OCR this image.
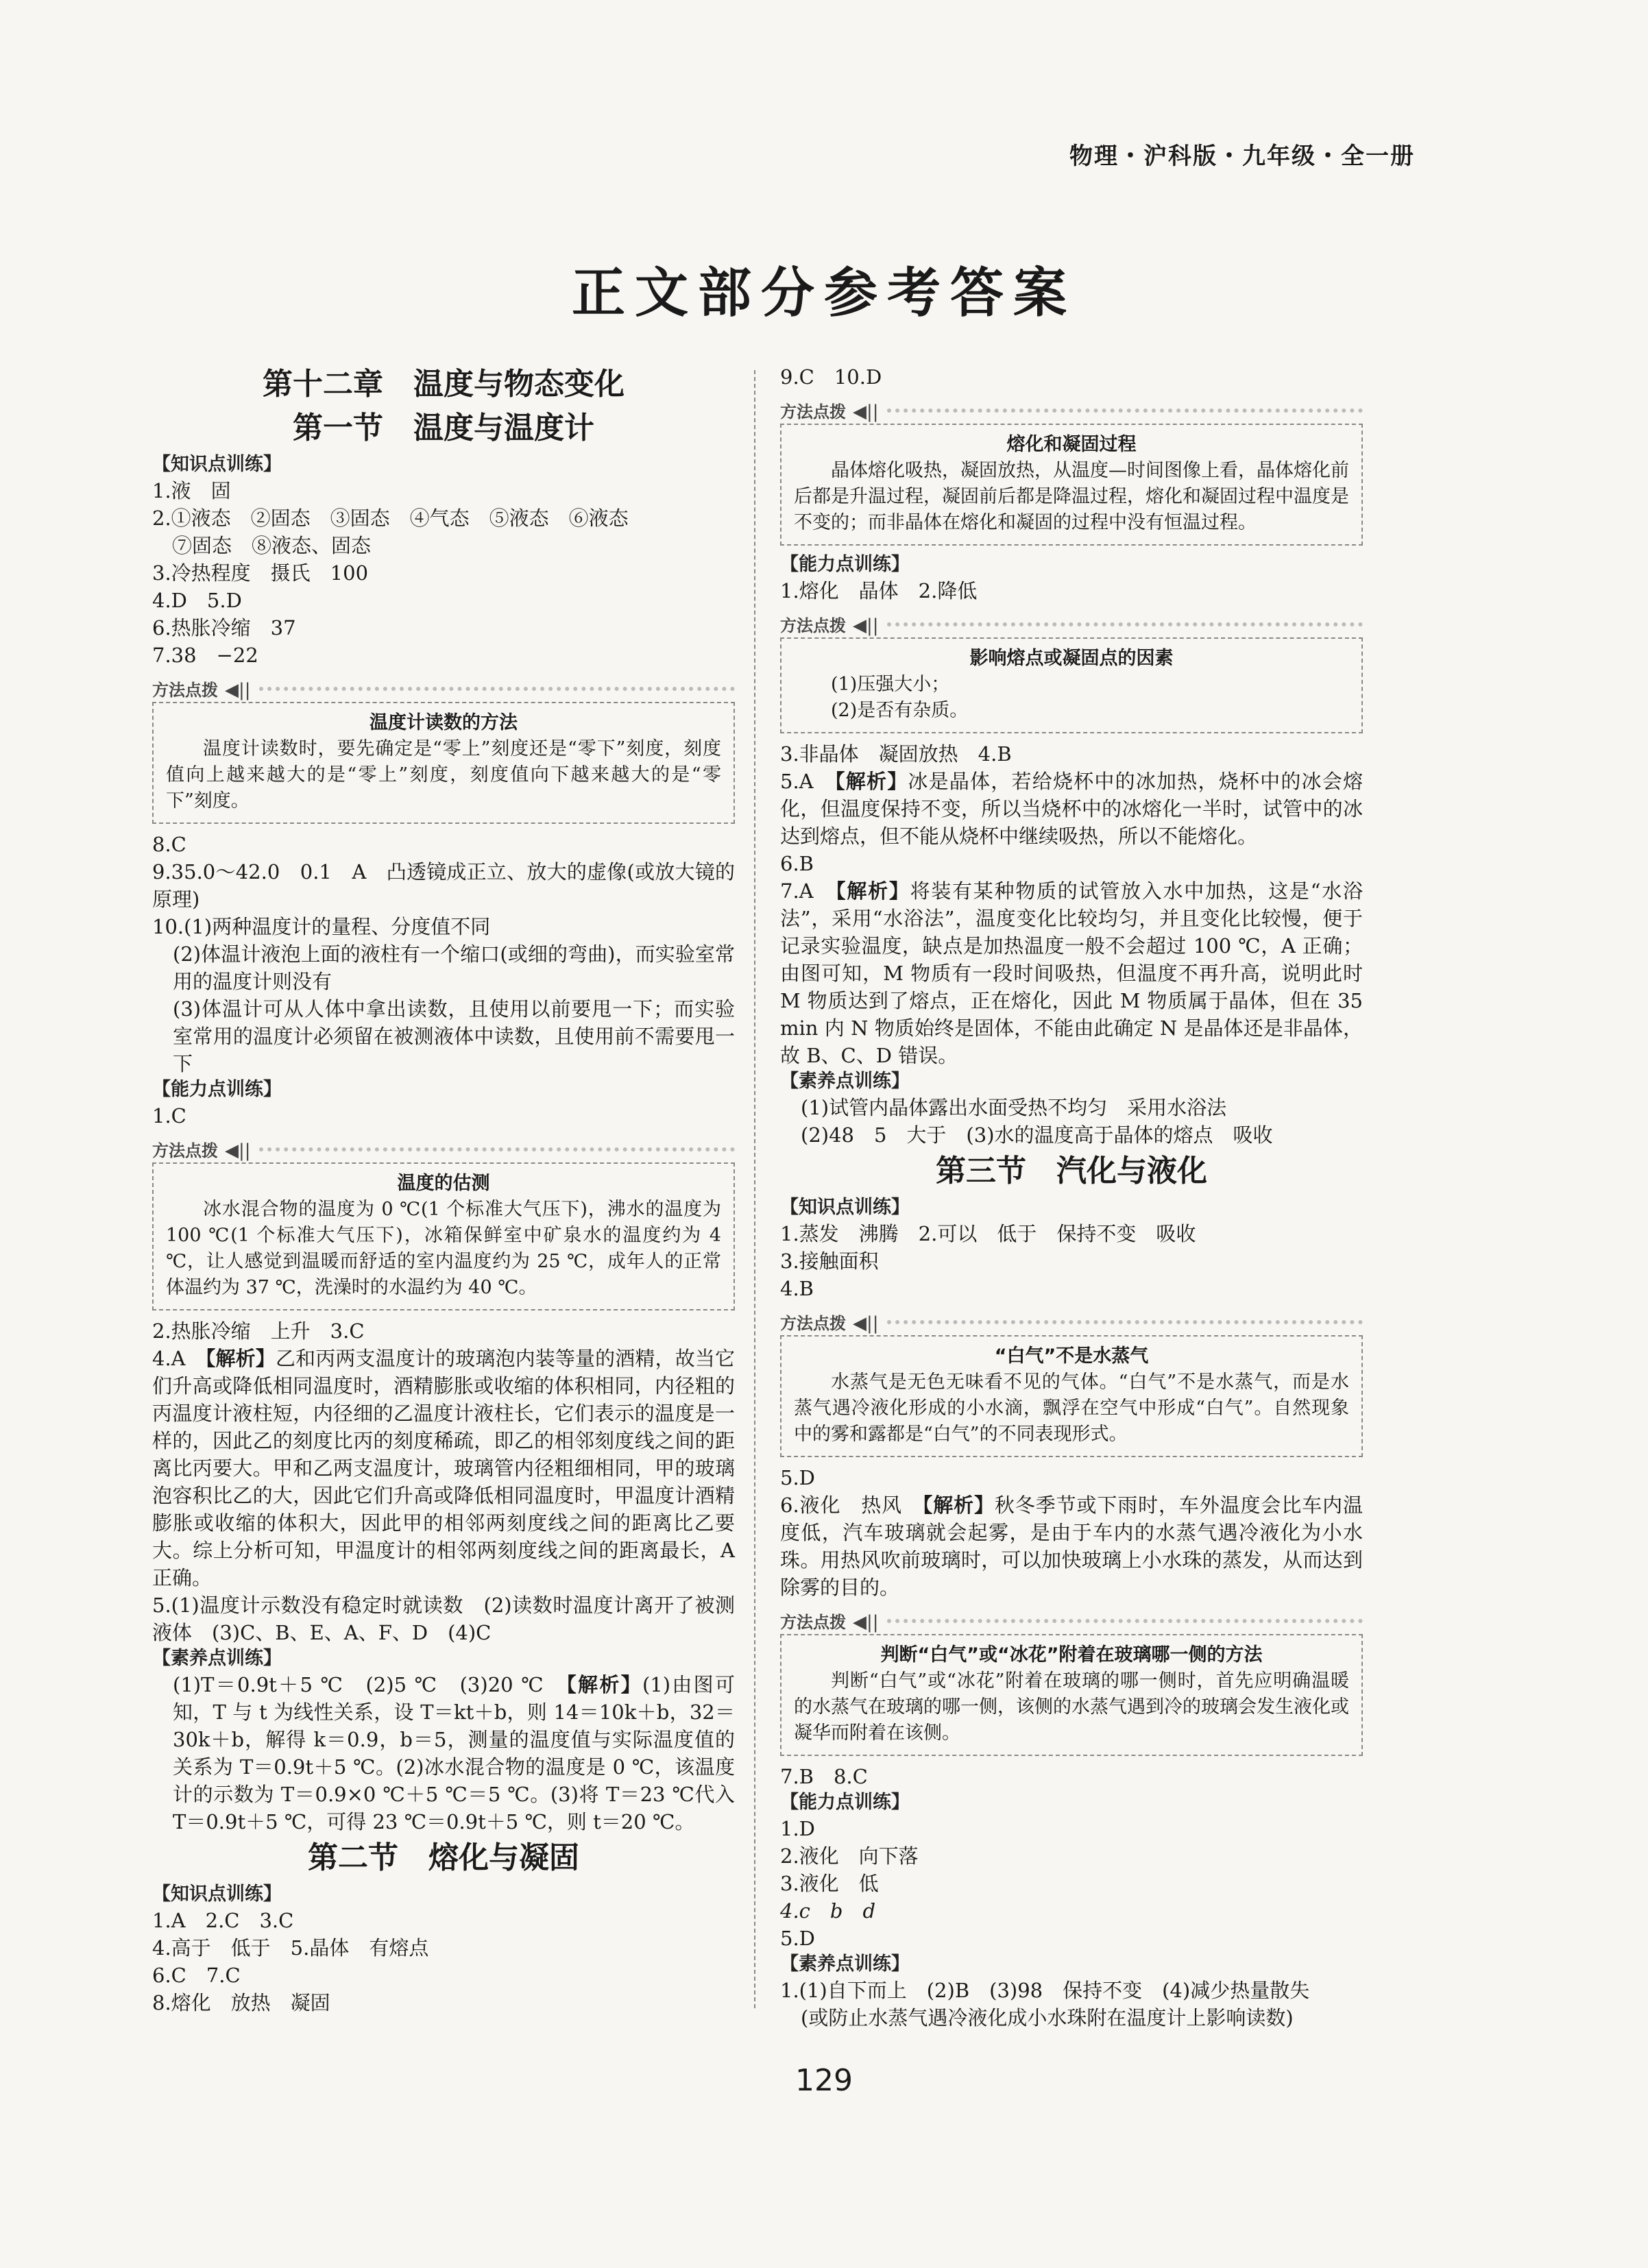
物理・沪科版・九年级・全一册
正文部分参考答案
第十二章　温度与物态变化
第一节　温度与温度计
【知识点训练】
1.液　固
2.①液态　②固态　③固态　④气态　⑤液态　⑥液态
　⑦固态　⑧液态、固态
3.冷热程度　摄氏　100
4.D　5.D
6.热胀冷缩　37
7.38　−22
方法点拨 ◀||
温度计读数的方法
温度计读数时，要先确定是“零上”刻度还是“零下”刻度，刻度值向上越来越大的是“零上”刻度，刻度值向下越来越大的是“零下”刻度。
8.C
9.35.0～42.0　0.1　A　凸透镜成正立、放大的虚像(或放大镜的原理)
10.(1)两种温度计的量程、分度值不同
(2)体温计液泡上面的液柱有一个缩口(或细的弯曲)，而实验室常用的温度计则没有
(3)体温计可从人体中拿出读数，且使用以前要甩一下；而实验室常用的温度计必须留在被测液体中读数，且使用前不需要甩一下
【能力点训练】
1.C
方法点拨 ◀||
温度的估测
冰水混合物的温度为 0 ℃(1 个标准大气压下)，沸水的温度为 100 ℃(1 个标准大气压下)，冰箱保鲜室中矿泉水的温度约为 4 ℃，让人感觉到温暖而舒适的室内温度约为 25 ℃，成年人的正常体温约为 37 ℃，洗澡时的水温约为 40 ℃。
2.热胀冷缩　上升　3.C
4.A　【解析】乙和丙两支温度计的玻璃泡内装等量的酒精，故当它们升高或降低相同温度时，酒精膨胀或收缩的体积相同，内径粗的丙温度计液柱短，内径细的乙温度计液柱长，它们表示的温度是一样的，因此乙的刻度比丙的刻度稀疏，即乙的相邻刻度线之间的距离比丙要大。甲和乙两支温度计，玻璃管内径粗细相同，甲的玻璃泡容积比乙的大，因此它们升高或降低相同温度时，甲温度计酒精膨胀或收缩的体积大，因此甲的相邻两刻度线之间的距离比乙要大。综上分析可知，甲温度计的相邻两刻度线之间的距离最长，A 正确。
5.(1)温度计示数没有稳定时就读数　(2)读数时温度计离开了被测液体　(3)C、B、E、A、F、D　(4)C
【素养点训练】
(1)T＝0.9t＋5 ℃　(2)5 ℃　(3)20 ℃　【解析】(1)由图可知，T 与 t 为线性关系，设 T＝kt＋b，则 14＝10k＋b，32＝30k＋b，解得 k＝0.9，b＝5，测量的温度值与实际温度值的关系为 T＝0.9t＋5 ℃。(2)冰水混合物的温度是 0 ℃，该温度计的示数为 T＝0.9×0 ℃＋5 ℃＝5 ℃。(3)将 T＝23 ℃代入 T＝0.9t＋5 ℃，可得 23 ℃＝0.9t＋5 ℃，则 t＝20 ℃。
第二节　熔化与凝固
【知识点训练】
1.A　2.C　3.C
4.高于　低于　5.晶体　有熔点
6.C　7.C
8.熔化　放热　凝固
9.C　10.D
方法点拨 ◀||
熔化和凝固过程
晶体熔化吸热，凝固放热，从温度—时间图像上看，晶体熔化前后都是升温过程，凝固前后都是降温过程，熔化和凝固过程中温度是不变的；而非晶体在熔化和凝固的过程中没有恒温过程。
【能力点训练】
1.熔化　晶体　2.降低
方法点拨 ◀||
影响熔点或凝固点的因素
(1)压强大小；
(2)是否有杂质。
3.非晶体　凝固放热　4.B
5.A　【解析】冰是晶体，若给烧杯中的冰加热，烧杯中的冰会熔化，但温度保持不变，所以当烧杯中的冰熔化一半时，试管中的冰达到熔点，但不能从烧杯中继续吸热，所以不能熔化。
6.B
7.A　【解析】将装有某种物质的试管放入水中加热，这是“水浴法”，采用“水浴法”，温度变化比较均匀，并且变化比较慢，便于记录实验温度，缺点是加热温度一般不会超过 100 ℃，A 正确；由图可知，M 物质有一段时间吸热，但温度不再升高，说明此时 M 物质达到了熔点，正在熔化，因此 M 物质属于晶体，但在 35 min 内 N 物质始终是固体，不能由此确定 N 是晶体还是非晶体，故 B、C、D 错误。
【素养点训练】
(1)试管内晶体露出水面受热不均匀　采用水浴法
(2)48　5　大于　(3)水的温度高于晶体的熔点　吸收
第三节　汽化与液化
【知识点训练】
1.蒸发　沸腾　2.可以　低于　保持不变　吸收
3.接触面积
4.B
方法点拨 ◀||
“白气”不是水蒸气
水蒸气是无色无味看不见的气体。“白气”不是水蒸气，而是水蒸气遇冷液化形成的小水滴，飘浮在空气中形成“白气”。自然现象中的雾和露都是“白气”的不同表现形式。
5.D
6.液化　热风　【解析】秋冬季节或下雨时，车外温度会比车内温度低，汽车玻璃就会起雾，是由于车内的水蒸气遇冷液化为小水珠。用热风吹前玻璃时，可以加快玻璃上小水珠的蒸发，从而达到除雾的目的。
方法点拨 ◀||
判断“白气”或“冰花”附着在玻璃哪一侧的方法
判断“白气”或“冰花”附着在玻璃的哪一侧时，首先应明确温暖的水蒸气在玻璃的哪一侧，该侧的水蒸气遇到冷的玻璃会发生液化或凝华而附着在该侧。
7.B　8.C
【能力点训练】
1.D
2.液化　向下落
3.液化　低
4.c　b　d
5.D
【素养点训练】
1.(1)自下而上　(2)B　(3)98　保持不变　(4)减少热量散失
(或防止水蒸气遇冷液化成小水珠附在温度计上影响读数)
129
